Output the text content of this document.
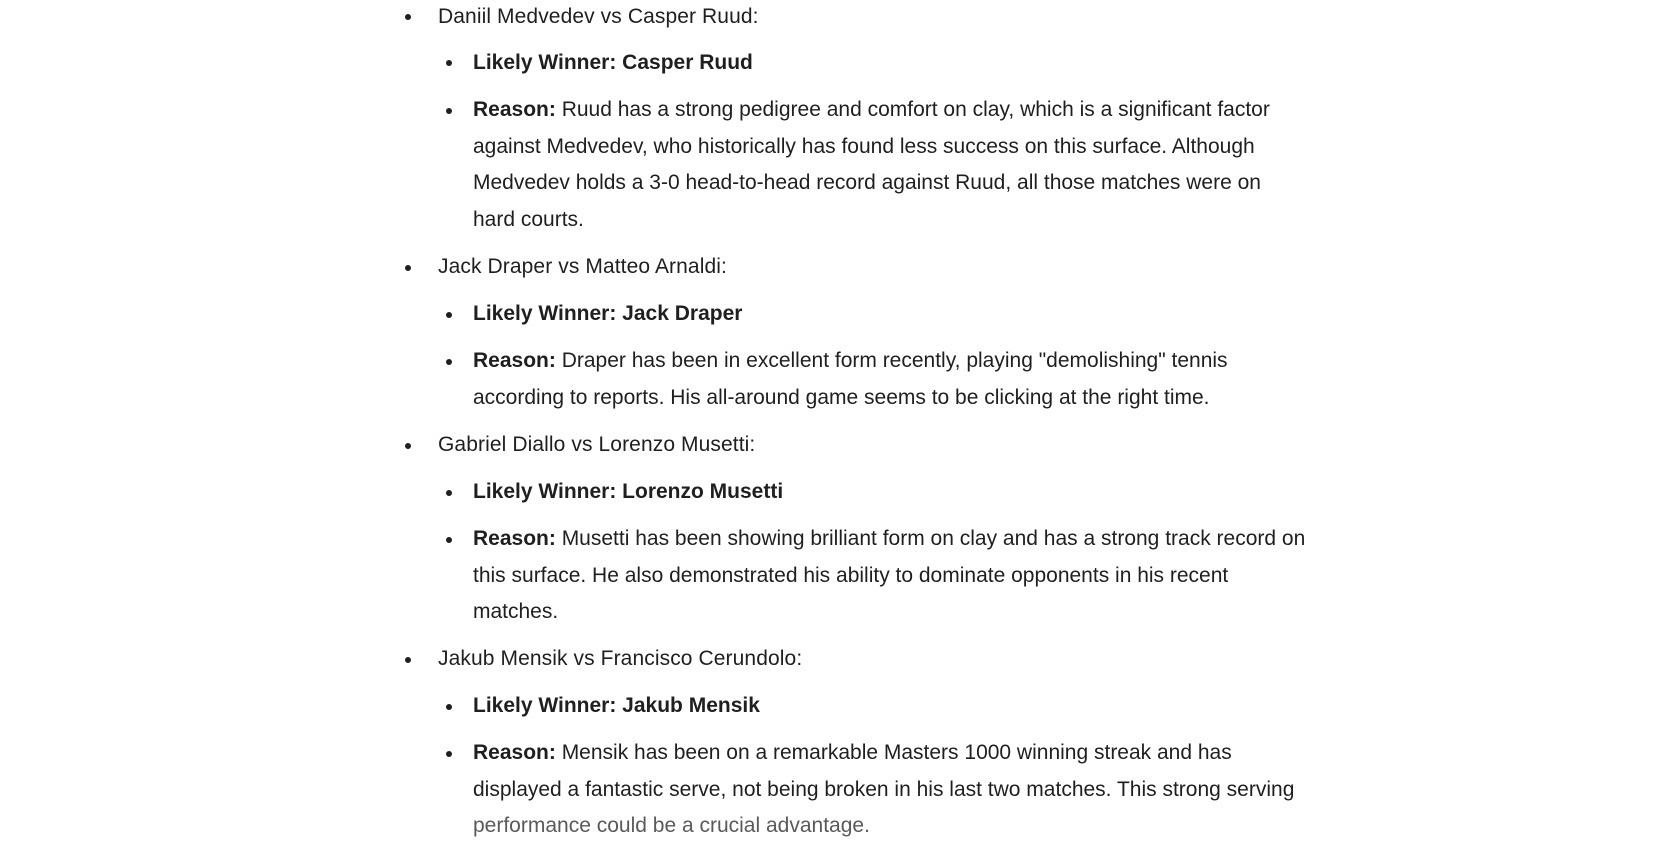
Daniil Medvedev vs Casper Ruud:
Likely Winner: Casper Ruud
Reason: Ruud has a strong pedigree and comfort on clay, which is a significant factor
against Medvedev, who historically has found less success on this surface. Although
Medvedev holds a 3-0 head-to-head record against Ruud, all those matches were on
hard courts.
Jack Draper vs Matteo Arnaldi:
Likely Winner: Jack Draper
Reason: Draper has been in excellent form recently, playing "demolishing" tennis
according to reports. His all-around game seems to be clicking at the right time.
Gabriel Diallo vs Lorenzo Musetti:
Likely Winner: Lorenzo Musetti
Reason: Musetti has been showing brilliant form on clay and has a strong track record on
this surface. He also demonstrated his ability to dominate opponents in his recent
matches.
Jakub Mensik vs Francisco Cerundolo:
Likely Winner: Jakub Mensik
Reason: Mensik has been on a remarkable Masters 1000 winning streak and has
displayed a fantastic serve, not being broken in his last two matches. This strong serving
performance could be a crucial advantage.
